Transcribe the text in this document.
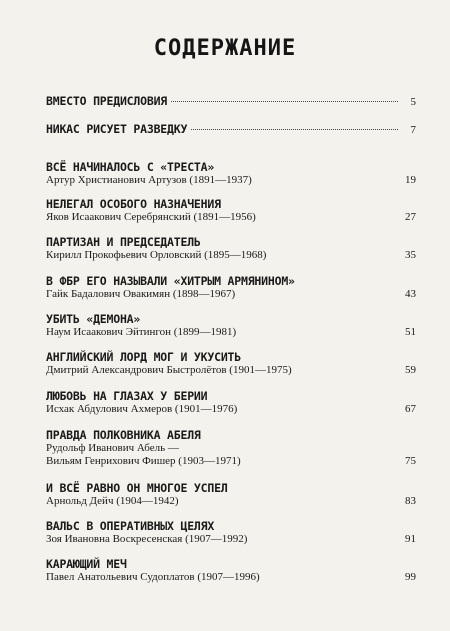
СОДЕРЖАНИЕ
ВМЕСТО ПРЕДИСЛОВИЯ	5
НИКАС РИСУЕТ РАЗВЕДКУ	7
ВСЁ НАЧИНАЛОСЬ С «ТРЕСТА»
Артур Христианович Артузов (1891—1937)	19
НЕЛЕГАЛ ОСОБОГО НАЗНАЧЕНИЯ
Яков Исаакович Серебрянский (1891—1956)	27
ПАРТИЗАН И ПРЕДСЕДАТЕЛЬ
Кирилл Прокофьевич Орловский (1895—1968)	35
В ФБР ЕГО НАЗЫВАЛИ «ХИТРЫМ АРМЯНИНОМ»
Гайк Бадалович Овакимян (1898—1967)	43
УБИТЬ «ДЕМОНА»
Наум Исаакович Эйтингон (1899—1981)	51
АНГЛИЙСКИЙ ЛОРД МОГ И УКУСИТЬ
Дмитрий Александрович Быстролётов (1901—1975)	59
ЛЮБОВЬ НА ГЛАЗАХ У БЕРИИ
Исхак Абдулович Ахмеров (1901—1976)	67
ПРАВДА ПОЛКОВНИКА АБЕЛЯ
Рудольф Иванович Абель —
Вильям Генрихович Фишер (1903—1971)	75
И ВСЁ РАВНО ОН МНОГОЕ УСПЕЛ
Арнольд Дейч (1904—1942)	83
ВАЛЬС В ОПЕРАТИВНЫХ ЦЕЛЯХ
Зоя Ивановна Воскресенская (1907—1992)	91
КАРАЮЩИЙ МЕЧ
Павел Анатольевич Судоплатов (1907—1996)	99
